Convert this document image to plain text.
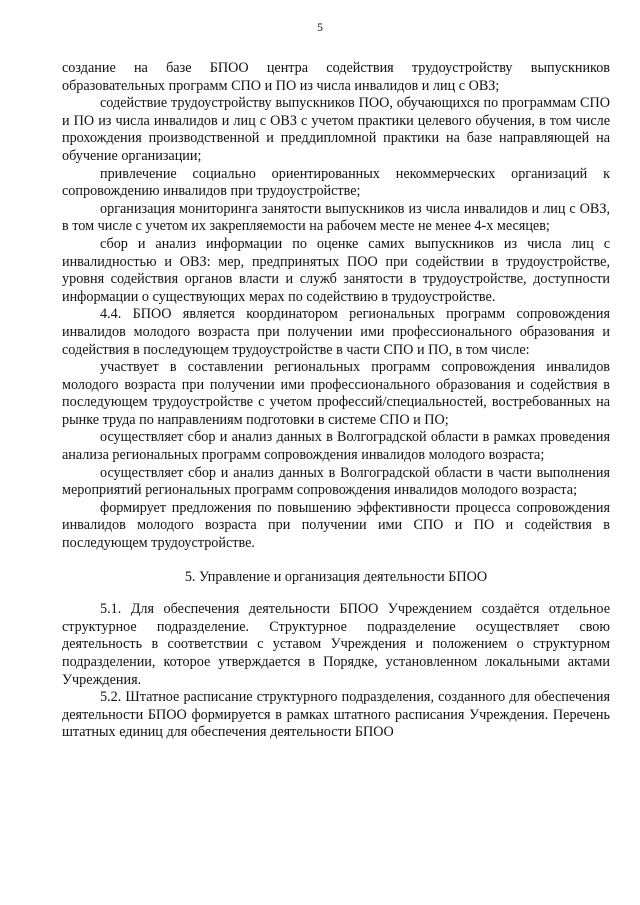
5

создание на базе БПОО центра содействия трудоустройству выпускников образовательных программ СПО и ПО из числа инвалидов и лиц с ОВЗ;

содействие трудоустройству выпускников ПОО, обучающихся по программам СПО и ПО из числа инвалидов и лиц с ОВЗ с учетом практики целевого обучения, в том числе прохождения производственной и преддипломной практики на базе направляющей на обучение организации;

привлечение социально ориентированных некоммерческих организаций к сопровождению инвалидов при трудоустройстве;

организация мониторинга занятости выпускников из числа инвалидов и лиц с ОВЗ, в том числе с учетом их закрепляемости на рабочем месте не менее 4-х месяцев;

сбор и анализ информации по оценке самих выпускников из числа лиц с инвалидностью и ОВЗ: мер, предпринятых ПОО при содействии в трудоустройстве, уровня содействия органов власти и служб занятости в трудоустройстве, доступности информации о существующих мерах по содействию в трудоустройстве.

4.4. БПОО является координатором региональных программ сопровождения инвалидов молодого возраста при получении ими профессионального образования и содействия в последующем трудоустройстве в части СПО и ПО, в том числе:

участвует в составлении региональных программ сопровождения инвалидов молодого возраста при получении ими профессионального образования и содействия в последующем трудоустройстве с учетом профессий/специальностей, востребованных на рынке труда по направлениям подготовки в системе СПО и ПО;

осуществляет сбор и анализ данных в Волгоградской области в рамках проведения анализа региональных программ сопровождения инвалидов молодого возраста;

осуществляет сбор и анализ данных в Волгоградской области в части выполнения мероприятий региональных программ сопровождения инвалидов молодого возраста;

формирует предложения по повышению эффективности процесса сопровождения инвалидов молодого возраста при получении ими СПО и ПО и содействия в последующем трудоустройстве.

5. Управление и организация деятельности БПОО

5.1. Для обеспечения деятельности БПОО Учреждением создаётся отдельное структурное подразделение. Структурное подразделение осуществляет свою деятельность в соответствии с уставом Учреждения и положением о структурном подразделении, которое утверждается в Порядке, установленном локальными актами Учреждения.

5.2. Штатное расписание структурного подразделения, созданного для обеспечения деятельности БПОО формируется в рамках штатного расписания Учреждения. Перечень штатных единиц для обеспечения деятельности БПОО
